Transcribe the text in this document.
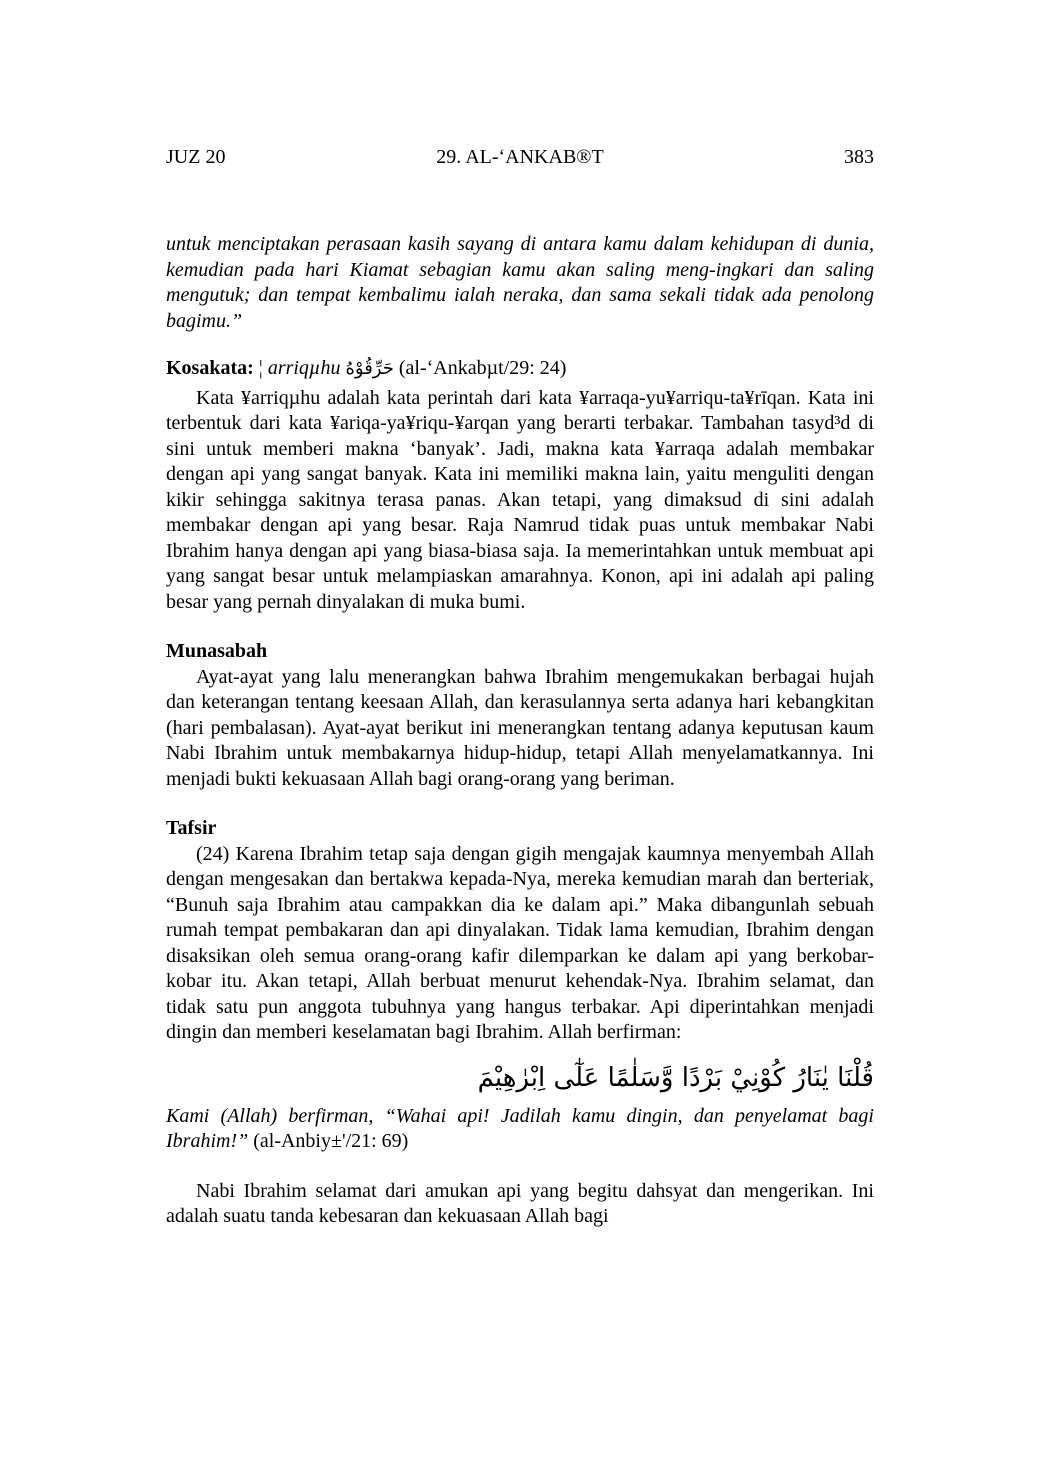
JUZ 20	29. AL-‘ANKAB®T	383

untuk menciptakan perasaan kasih sayang di antara kamu dalam kehidupan di dunia, kemudian pada hari Kiamat sebagian kamu akan saling meng-ingkari dan saling mengutuk; dan tempat kembalimu ialah neraka, dan sama sekali tidak ada penolong bagimu.”

Kosakata: ¦ arriqµhu حَرِّقُوْهُ (al-‘Ankabµt/29: 24)

Kata ¥arriqµhu adalah kata perintah dari kata ¥arraqa-yu¥arriqu-ta¥rīqan. Kata ini terbentuk dari kata ¥ariqa-ya¥riqu-¥arqan yang berarti terbakar. Tambahan tasyd³d di sini untuk memberi makna ‘banyak’. Jadi, makna kata ¥arraqa adalah membakar dengan api yang sangat banyak. Kata ini memiliki makna lain, yaitu menguliti dengan kikir sehingga sakitnya terasa panas. Akan tetapi, yang dimaksud di sini adalah membakar dengan api yang besar. Raja Namrud tidak puas untuk membakar Nabi Ibrahim hanya dengan api yang biasa-biasa saja. Ia memerintahkan untuk membuat api yang sangat besar untuk melampiaskan amarahnya. Konon, api ini adalah api paling besar yang pernah dinyalakan di muka bumi.

Munasabah

Ayat-ayat yang lalu menerangkan bahwa Ibrahim mengemukakan berbagai hujah dan keterangan tentang keesaan Allah, dan kerasulannya serta adanya hari kebangkitan (hari pembalasan). Ayat-ayat berikut ini menerangkan tentang adanya keputusan kaum Nabi Ibrahim untuk membakarnya hidup-hidup, tetapi Allah menyelamatkannya. Ini menjadi bukti kekuasaan Allah bagi orang-orang yang beriman.

Tafsir

(24) Karena Ibrahim tetap saja dengan gigih mengajak kaumnya menyembah Allah dengan mengesakan dan bertakwa kepada-Nya, mereka kemudian marah dan berteriak, “Bunuh saja Ibrahim atau campakkan dia ke dalam api.” Maka dibangunlah sebuah rumah tempat pembakaran dan api dinyalakan. Tidak lama kemudian, Ibrahim dengan disaksikan oleh semua orang-orang kafir dilemparkan ke dalam api yang berkobar-kobar itu. Akan tetapi, Allah berbuat menurut kehendak-Nya. Ibrahim selamat, dan tidak satu pun anggota tubuhnya yang hangus terbakar. Api diperintahkan menjadi dingin dan memberi keselamatan bagi Ibrahim. Allah berfirman:

قُلْنَا يٰنَارُ كُوْنِيْ بَرْدًا وَّسَلٰمًا عَلٰٓى اِبْرٰهِيْمَ

Kami (Allah) berfirman, “Wahai api! Jadilah kamu dingin, dan penyelamat bagi Ibrahim!” (al-Anbiy±'/21: 69)

Nabi Ibrahim selamat dari amukan api yang begitu dahsyat dan mengerikan. Ini adalah suatu tanda kebesaran dan kekuasaan Allah bagi
